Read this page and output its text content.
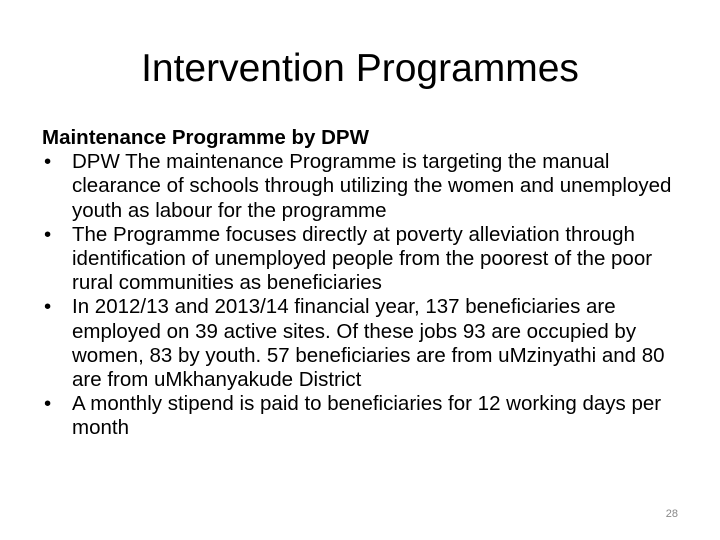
Intervention Programmes

Maintenance Programme by DPW

• DPW The maintenance Programme is targeting the manual clearance of schools through utilizing the women and unemployed youth as labour for the programme
• The Programme focuses directly at poverty alleviation through identification of unemployed people from the poorest of the poor rural communities as beneficiaries
• In 2012/13 and 2013/14 financial year, 137 beneficiaries are employed on 39 active sites. Of these jobs 93 are occupied by women, 83 by youth. 57 beneficiaries are from uMzinyathi and 80 are from uMkhanyakude District
• A monthly stipend is paid to beneficiaries for 12 working days per month
28
